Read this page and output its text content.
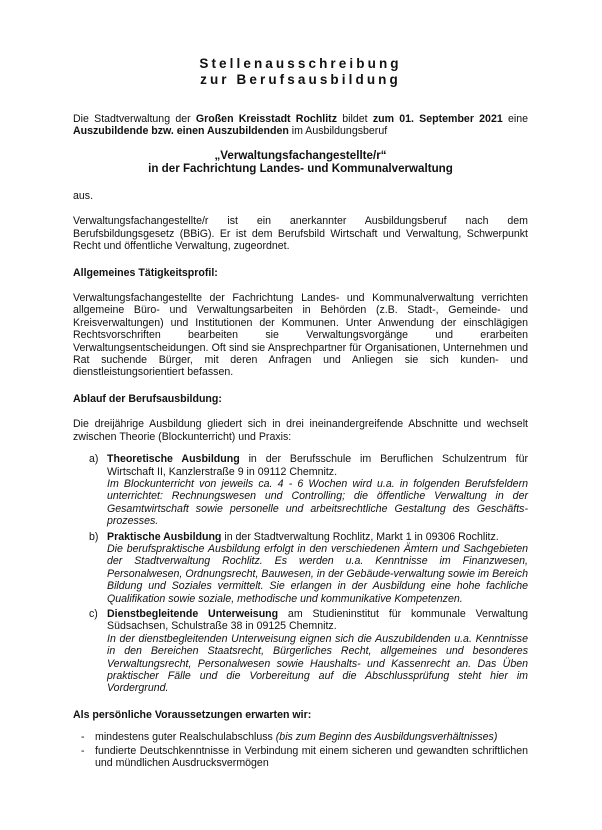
Stellenausschreibung

zur Berufsausbildung

Die Stadtverwaltung der Großen Kreisstadt Rochlitz bildet zum 01. September 2021 eine Auszubildende bzw. einen Auszubildenden im Ausbildungsberuf
„Verwaltungsfachangestellte/r“
in der Fachrichtung Landes- und Kommunalverwaltung
aus.
Verwaltungsfachangestellte/r ist ein anerkannter Ausbildungsberuf nach dem Berufsbildungsgesetz (BBiG). Er ist dem Berufsbild Wirtschaft und Verwaltung, Schwerpunkt Recht und öffentliche Verwaltung, zugeordnet.
Allgemeines Tätigkeitsprofil:
Verwaltungsfachangestellte der Fachrichtung Landes- und Kommunalverwaltung verrichten allgemeine Büro- und Verwaltungsarbeiten in Behörden (z.B. Stadt-, Gemeinde- und Kreisverwaltungen) und Institutionen der Kommunen. Unter Anwendung der einschlägigen Rechtsvorschriften bearbeiten sie Verwaltungsvorgänge und erarbeiten Verwaltungsentscheidungen. Oft sind sie Ansprechpartner für Organisationen, Unternehmen und Rat suchende Bürger, mit deren Anfragen und Anliegen sie sich kunden- und dienstleistungsorientiert befassen.
Ablauf der Berufsausbildung:
Die dreijährige Ausbildung gliedert sich in drei ineinandergreifende Abschnitte und wechselt zwischen Theorie (Blockunterricht) und Praxis:
a) Theoretische Ausbildung in der Berufsschule im Beruflichen Schulzentrum für Wirtschaft II, Kanzlerstraße 9 in 09112 Chemnitz.
Im Blockunterricht von jeweils ca. 4 - 6 Wochen wird u.a. in folgenden Berufsfeldern unterrichtet: Rechnungswesen und Controlling; die öffentliche Verwaltung in der Gesamtwirtschaft sowie personelle und arbeitsrechtliche Gestaltung des Geschäfts-prozesses.
b) Praktische Ausbildung in der Stadtverwaltung Rochlitz, Markt 1 in 09306 Rochlitz.
Die berufspraktische Ausbildung erfolgt in den verschiedenen Ämtern und Sachgebieten der Stadtverwaltung Rochlitz. Es werden u.a. Kenntnisse im Finanzwesen, Personalwesen, Ordnungsrecht, Bauwesen, in der Gebäude-verwaltung sowie im Bereich Bildung und Soziales vermittelt. Sie erlangen in der Ausbildung eine hohe fachliche Qualifikation sowie soziale, methodische und kommunikative Kompetenzen.
c) Dienstbegleitende Unterweisung am Studieninstitut für kommunale Verwaltung Südsachsen, Schulstraße 38 in 09125 Chemnitz.
In der dienstbegleitenden Unterweisung eignen sich die Auszubildenden u.a. Kenntnisse in den Bereichen Staatsrecht, Bürgerliches Recht, allgemeines und besonderes Verwaltungsrecht, Personalwesen sowie Haushalts- und Kassenrecht an. Das Üben praktischer Fälle und die Vorbereitung auf die Abschlussprüfung steht hier im Vordergrund.
Als persönliche Voraussetzungen erwarten wir:
- mindestens guter Realschulabschluss (bis zum Beginn des Ausbildungsverhältnisses)
- fundierte Deutschkenntnisse in Verbindung mit einem sicheren und gewandten schriftlichen und mündlichen Ausdrucksvermögen
